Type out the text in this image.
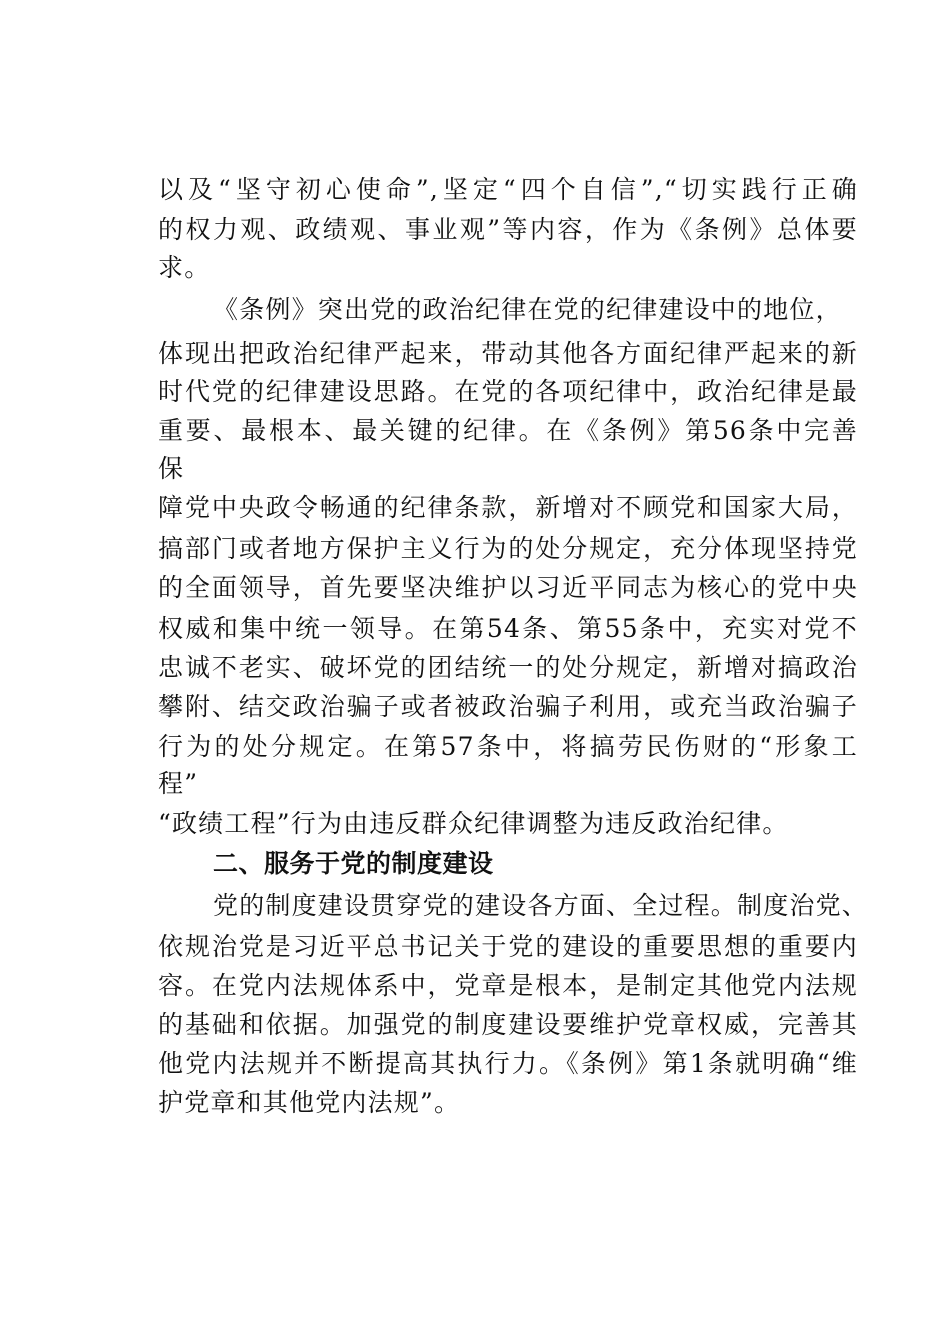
以及“坚守初心使命”,坚定“四个自信”,“切实践行正确
的权力观、政绩观、事业观”等内容，作为《条例》总体要
求。
《条例》突出党的政治纪律在党的纪律建设中的地位，
体现出把政治纪律严起来，带动其他各方面纪律严起来的新
时代党的纪律建设思路。在党的各项纪律中，政治纪律是最
重要、最根本、最关键的纪律。在《条例》第56条中完善
保
障党中央政令畅通的纪律条款，新增对不顾党和国家大局，
搞部门或者地方保护主义行为的处分规定，充分体现坚持党
的全面领导，首先要坚决维护以习近平同志为核心的党中央
权威和集中统一领导。在第54条、第55条中，充实对党不
忠诚不老实、破坏党的团结统一的处分规定，新增对搞政治
攀附、结交政治骗子或者被政治骗子利用，或充当政治骗子
行为的处分规定。在第57条中，将搞劳民伤财的“形象工
程”
“政绩工程”行为由违反群众纪律调整为违反政治纪律。
二、服务于党的制度建设
党的制度建设贯穿党的建设各方面、全过程。制度治党、
依规治党是习近平总书记关于党的建设的重要思想的重要内
容。在党内法规体系中，党章是根本，是制定其他党内法规
的基础和依据。加强党的制度建设要维护党章权威，完善其
他党内法规并不断提高其执行力。《条例》第1条就明确“维
护党章和其他党内法规”。
